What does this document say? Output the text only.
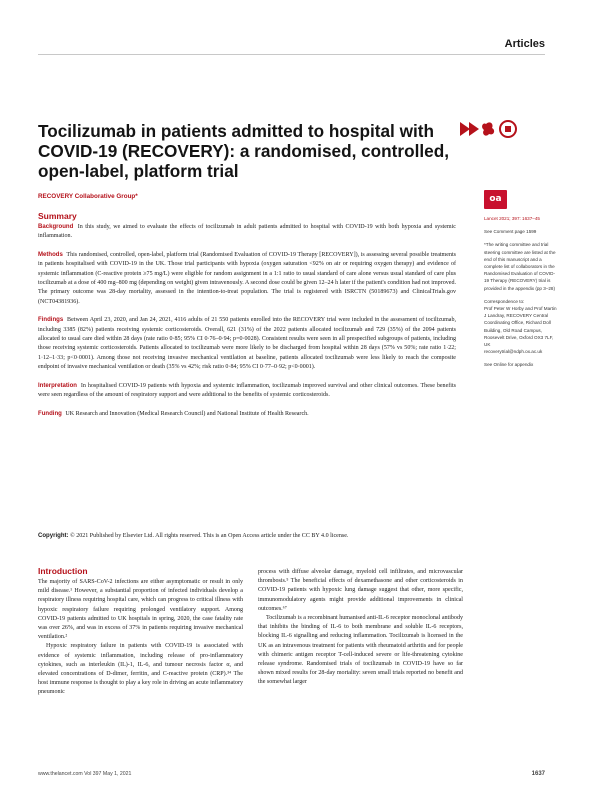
Articles
Tocilizumab in patients admitted to hospital with COVID-19 (RECOVERY): a randomised, controlled, open-label, platform trial
RECOVERY Collaborative Group*	oa
Summary

Background In this study, we aimed to evaluate the effects of tocilizumab in adult patients admitted to hospital with COVID-19 with both hypoxia and systemic inflammation.

Methods This randomised, controlled, open-label, platform trial (Randomised Evaluation of COVID-19 Therapy [RECOVERY]), is assessing several possible treatments in patients hospitalised with COVID-19 in the UK. Those trial participants with hypoxia (oxygen saturation <92% on air or requiring oxygen therapy) and evidence of systemic inflammation (C-reactive protein ≥75 mg/L) were eligible for random assignment in a 1:1 ratio to usual standard of care alone versus usual standard of care plus tocilizumab at a dose of 400 mg–800 mg (depending on weight) given intravenously. A second dose could be given 12–24 h later if the patient's condition had not improved. The primary outcome was 28-day mortality, assessed in the intention-to-treat population. The trial is registered with ISRCTN (50189673) and ClinicalTrials.gov (NCT04381936).

Findings Between April 23, 2020, and Jan 24, 2021, 4116 adults of 21 550 patients enrolled into the RECOVERY trial were included in the assessment of tocilizumab, including 3385 (82%) patients receiving systemic corticosteroids. Overall, 621 (31%) of the 2022 patients allocated tocilizumab and 729 (35%) of the 2094 patients allocated to usual care died within 28 days (rate ratio 0·85; 95% CI 0·76–0·94; p=0·0028). Consistent results were seen in all prespecified subgroups of patients, including those receiving systemic corticosteroids. Patients allocated to tocilizumab were more likely to be discharged from hospital within 28 days (57% vs 50%; rate ratio 1·22; 1·12–1·33; p<0·0001). Among those not receiving invasive mechanical ventilation at baseline, patients allocated tocilizumab were less likely to reach the composite endpoint of invasive mechanical ventilation or death (35% vs 42%; risk ratio 0·84; 95% CI 0·77–0·92; p<0·0001).

Interpretation In hospitalised COVID-19 patients with hypoxia and systemic inflammation, tocilizumab improved survival and other clinical outcomes. These benefits were seen regardless of the amount of respiratory support and were additional to the benefits of systemic corticosteroids.

Funding UK Research and Innovation (Medical Research Council) and National Institute of Health Research.

Copyright: © 2021 Published by Elsevier Ltd. All rights reserved. This is an Open Access article under the CC BY 4.0 license.

Introduction

The majority of SARS-CoV-2 infections are either asymptomatic or result in only mild disease.¹ However, a substantial proportion of infected individuals develop a respiratory illness requiring hospital care, which can progress to critical illness with hypoxic respiratory failure requiring prolonged ventilatory support. Among COVID-19 patients admitted to UK hospitals in spring, 2020, the case fatality rate was over 26%, and was in excess of 37% in patients requiring invasive mechanical ventilation.²
Hypoxic respiratory failure in patients with COVID-19 is associated with evidence of systemic inflammation, including release of pro-inflammatory cytokines, such as interleukin (IL)-1, IL-6, and tumour necrosis factor α, and elevated concentrations of D-dimer, ferritin, and C-reactive protein (CRP).³⁴ The host immune response is thought to play a key role in driving an acute inflammatory pneumonic

process with diffuse alveolar damage, myeloid cell infiltrates, and microvascular thrombosis.⁵ The beneficial effects of dexamethasone and other corticosteroids in COVID-19 patients with hypoxic lung damage suggest that other, more specific, immunomodulatory agents might provide additional improvements in clinical outcomes.⁶⁷
Tocilizumab is a recombinant humanised anti-IL-6 receptor monoclonal antibody that inhibits the binding of IL-6 to both membrane and soluble IL-6 receptors, blocking IL-6 signalling and reducing inflammation. Tocilizumab is licensed in the UK as an intravenous treatment for patients with rheumatoid arthritis and for people with chimeric antigen receptor T-cell-induced severe or life-threatening cytokine release syndrome. Randomised trials of tocilizumab in COVID-19 have so far shown mixed results for 28-day mortality: seven small trials reported no benefit and the somewhat larger

Lancet 2021; 397: 1637–45

See Comment page 1599

*The writing committee and trial steering committee are listed at the end of this manuscript and a complete list of collaborators in the Randomised Evaluation of COVID-19 Therapy (RECOVERY) trial is provided in the appendix (pp 3–28)

Correspondence to:
Prof Peter W Horby and Prof Martin J Landray, RECOVERY Central Coordinating Office, Richard Doll Building, Old Road Campus, Roosevelt Drive, Oxford OX3 7LF, UK
recoverytrial@ndph.ox.ac.uk

See Online for appendix

www.thelancet.com Vol 397 May 1, 2021	1637
